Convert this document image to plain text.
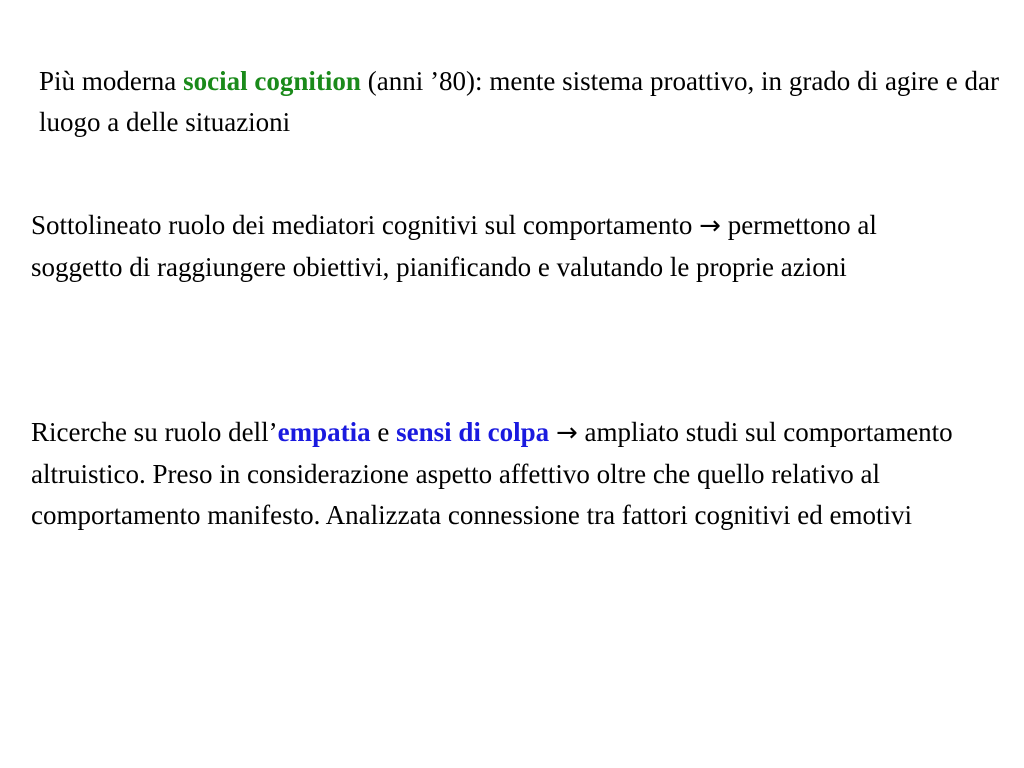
Più moderna social cognition (anni ’80): mente sistema proattivo, in grado di agire e dar luogo a delle situazioni

Sottolineato ruolo dei mediatori cognitivi sul comportamento → permettono al soggetto di raggiungere obiettivi, pianificando e valutando le proprie azioni

Ricerche su ruolo dell’empatia e sensi di colpa → ampliato studi sul comportamento altruistico. Preso in considerazione aspetto affettivo oltre che quello relativo al comportamento manifesto. Analizzata connessione tra fattori cognitivi ed emotivi
